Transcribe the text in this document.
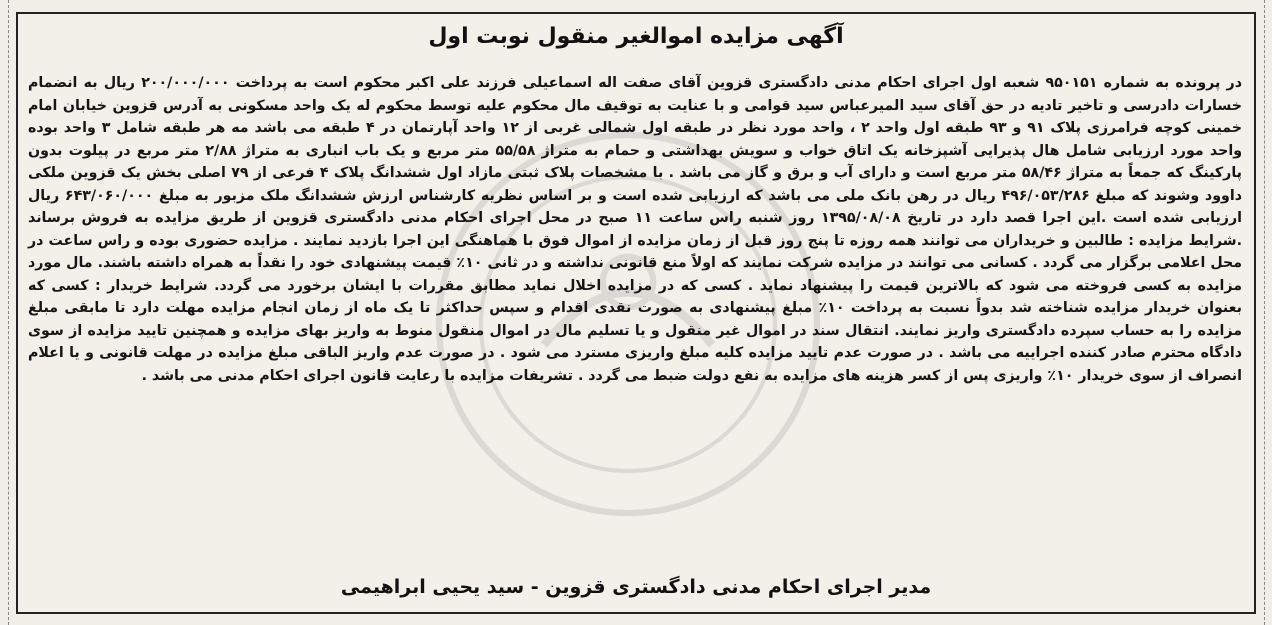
آگهی مزایده اموالغیر منقول نوبت اول

در پرونده به شماره ۹۵۰۱۵۱ شعبه اول اجرای احکام مدنی دادگستری قزوین آقای صفت اله اسماعیلی فرزند علی اکبر محکوم است به پرداخت ۲۰۰/۰۰۰/۰۰۰ ریال به انضمام خسارات دادرسی و تاخیر تادیه در حق آقای سید المیرعباس سید قوامی و با عنایت به توقیف مال محکوم علیه توسط محکوم له یک واحد مسکونی به آدرس قزوین خیابان امام خمینی کوچه فرامرزی پلاک ۹۱ و ۹۳ طبقه اول واحد ۲ ، واحد مورد نظر در طبقه اول شمالی غربی از ۱۲ واحد آپارتمان در ۴ طبقه می باشد مه هر طبقه شامل ۳ واحد بوده واحد مورد ارزیابی شامل هال پذیرایی آشپزخانه یک اتاق خواب و سویش بهداشتی و حمام به متراژ ۵۵/۵۸ متر مربع و یک باب انباری به متراژ ۲/۸۸ متر مربع در پیلوت بدون پارکینگ که جمعاً به متراژ ۵۸/۴۶ متر مربع است و دارای آب و برق و گاز می باشد . با مشخصات پلاک ثبتی مازاد اول ششدانگ پلاک ۴ فرعی از ۷۹ اصلی بخش یک قزوین ملکی داوود وشوند که مبلغ ۴۹۶/۰۵۳/۲۸۶ ریال در رهن بانک ملی می باشد که ارزیابی شده است و بر اساس نظریه کارشناس ارزش ششدانگ ملک مزبور به مبلغ ۶۴۳/۰۶۰/۰۰۰ ریال ارزیابی شده است .این اجرا قصد دارد در تاریخ ۱۳۹۵/۰۸/۰۸ روز شنبه راس ساعت ۱۱ صبح در محل اجرای احکام مدنی دادگستری قزوین از طریق مزایده به فروش برساند .شرایط مزایده : طالبین و خریداران می توانند همه روزه تا پنج روز قبل از زمان مزایده از اموال فوق با هماهنگی این اجرا بازدید نمایند . مزایده حضوری بوده و راس ساعت در محل اعلامی برگزار می گردد . کسانی می توانند در مزایده شرکت نمایند که اولاً منع قانونی نداشته و در ثانی ۱۰٪ قیمت پیشنهادی خود را نقداً به همراه داشته باشند. مال مورد مزایده به کسی فروخته می شود که بالاترین قیمت را پیشنهاد نماید . کسی که در مزایده اخلال نماید مطابق مقررات با ایشان برخورد می گردد. شرایط خریدار : کسی که بعنوان خریدار مزایده شناخته شد بدواً نسبت به پرداخت ۱۰٪ مبلغ پیشنهادی به صورت نقدی اقدام و سپس حداکثر تا یک ماه از زمان انجام مزایده مهلت دارد تا مابقی مبلغ مزایده را به حساب سپرده دادگستری واریز نمایند. انتقال سند در اموال غیر منقول و یا تسلیم مال در اموال منقول منوط به واریز بهای مزایده و همچنین تایید مزایده از سوی دادگاه محترم صادر کننده اجراییه می باشد . در صورت عدم تایید مزایده کلیه مبلغ واریزی مسترد می شود . در صورت عدم واریز الباقی مبلغ مزایده در مهلت قانونی و یا اعلام انصراف از سوی خریدار ۱۰٪ واریزی پس از کسر هزینه های مزایده به نفع دولت ضبط می گردد . تشریفات مزایده با رعایت قانون اجرای احکام مدنی می باشد .

مدیر اجرای احکام مدنی دادگستری قزوین - سید یحیی ابراهیمی
